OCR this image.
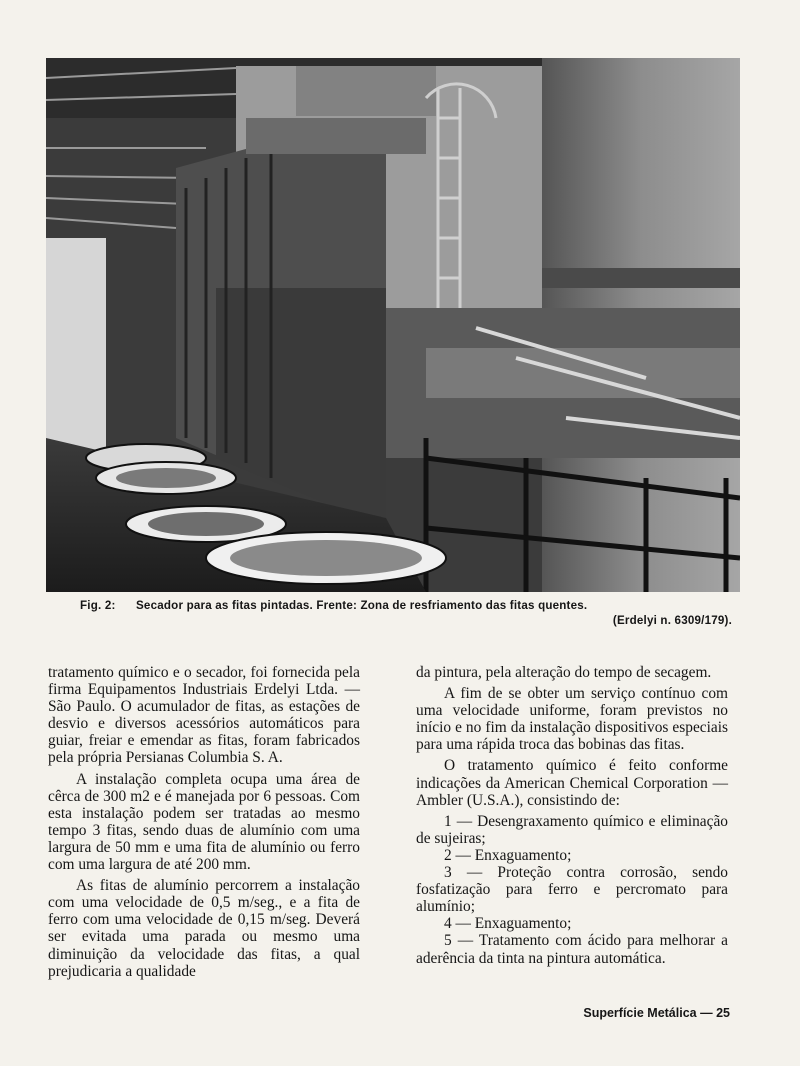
Fig. 2: Secador para as fitas pintadas. Frente: Zona de resfriamento das fitas quentes.
(Erdelyi n. 6309/179).

tratamento químico e o secador, foi fornecida pela firma Equipamentos Industriais Erdelyi Ltda. — São Paulo. O acumulador de fitas, as estações de desvio e diversos acessórios automáticos para guiar, freiar e emendar as fitas, foram fabricados pela própria Persianas Columbia S. A.

A instalação completa ocupa uma área de cêrca de 300 m2 e é manejada por 6 pessoas. Com esta instalação podem ser tratadas ao mesmo tempo 3 fitas, sendo duas de alumínio com uma largura de 50 mm e uma fita de alumínio ou ferro com uma largura de até 200 mm.

As fitas de alumínio percorrem a instalação com uma velocidade de 0,5 m/seg., e a fita de ferro com uma velocidade de 0,15 m/seg. Deverá ser evitada uma parada ou mesmo uma diminuição da velocidade das fitas, a qual prejudicaria a qualidade

da pintura, pela alteração do tempo de secagem.

A fim de se obter um serviço contínuo com uma velocidade uniforme, foram previstos no início e no fim da instalação dispositivos especiais para uma rápida troca das bobinas das fitas.

O tratamento químico é feito conforme indicações da American Chemical Corporation — Ambler (U.S.A.), consistindo de:

1 — Desengraxamento químico e eliminação de sujeiras;

2 — Enxaguamento;

3 — Proteção contra corrosão, sendo fosfatização para ferro e percromato para alumínio;

4 — Enxaguamento;

5 — Tratamento com ácido para melhorar a aderência da tinta na pintura automática.

Superfície Metálica — 25
